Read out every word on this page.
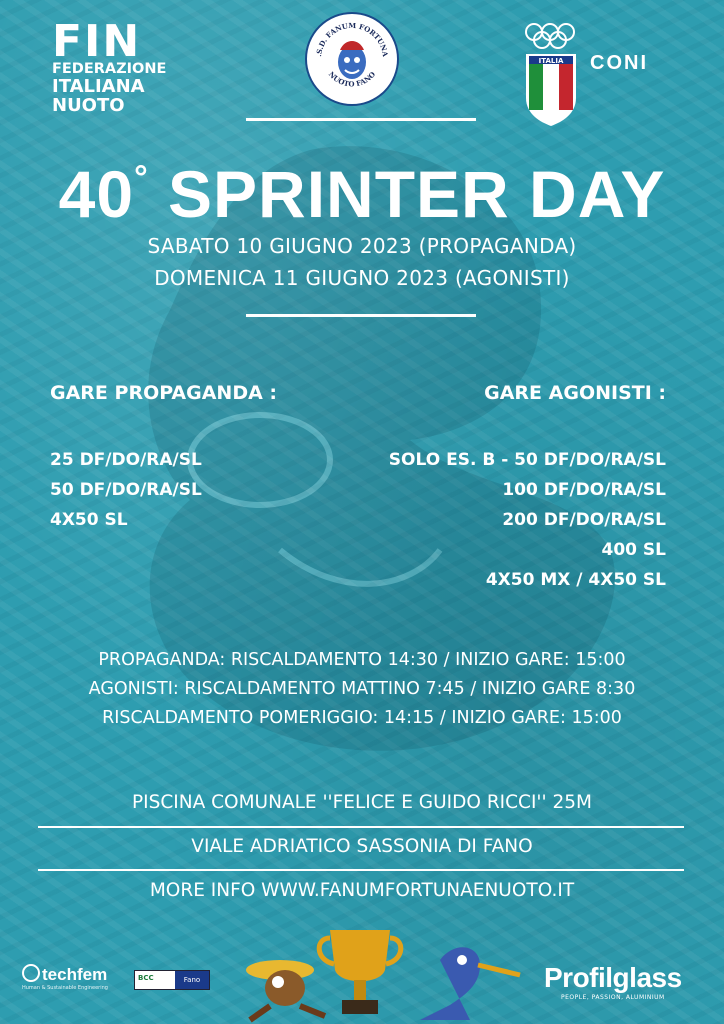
FIN
FEDERAZIONE
ITALIANA
NUOTO
.S.D. FANUM FORTUNA
NUOTO FANO
ITALIA CONI
40° SPRINTER DAY
SABATO 10 GIUGNO 2023 (PROPAGANDA)
DOMENICA 11 GIUGNO 2023 (AGONISTI)
GARE PROPAGANDA :	GARE AGONISTI :
25 DF/DO/RA/SL
50 DF/DO/RA/SL
4X50 SL
SOLO ES. B - 50 DF/DO/RA/SL
100 DF/DO/RA/SL
200 DF/DO/RA/SL
400 SL
4X50 MX / 4X50 SL
PROPAGANDA: RISCALDAMENTO 14:30 / INIZIO GARE: 15:00
AGONISTI: RISCALDAMENTO MATTINO 7:45 / INIZIO GARE 8:30
RISCALDAMENTO POMERIGGIO: 14:15 / INIZIO GARE: 15:00
PISCINA COMUNALE ''FELICE E GUIDO RICCI'' 25M
VIALE ADRIATICO SASSONIA DI FANO
MORE INFO WWW.FANUMFORTUNAENUOTO.IT
techfem
Human & Sustainable Engineering
BCC	Fano	Profilglass
PEOPLE, PASSION, ALUMINIUM
